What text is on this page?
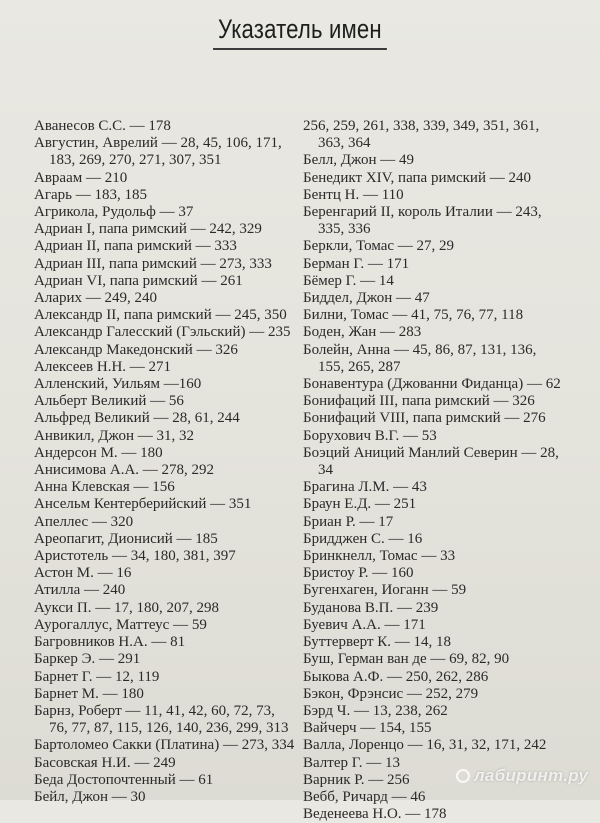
Указатель имен

Аванесов С.С. — 178

Августин, Аврелий — 28, 45, 106, 171, 183, 269, 270, 271, 307, 351

Авраам — 210

Агарь — 183, 185

Агрикола, Рудольф — 37

Адриан I, папа римский — 242, 329

Адриан II, папа римский — 333

Адриан III, папа римский — 273, 333

Адриан VI, папа римский — 261

Аларих — 249, 240

Александр II, папа римский — 245, 350

Александр Галесский (Гэльский) — 235

Александр Македонский — 326

Алексеев Н.Н. — 271

Алленский, Уильям —160

Альберт Великий — 56

Альфред Великий — 28, 61, 244

Анвикил, Джон — 31, 32

Андерсон М. — 180

Анисимова А.А. — 278, 292

Анна Клевская — 156

Ансельм Кентерберийский — 351

Апеллес — 320

Ареопагит, Дионисий — 185

Аристотель — 34, 180, 381, 397

Астон М. — 16

Атилла — 240

Аукси П. — 17, 180, 207, 298

Аурогаллус, Маттеус — 59

Багровников Н.А. — 81

Баркер Э. — 291

Барнет Г. — 12, 119

Барнет М. — 180

Барнз, Роберт — 11, 41, 42, 60, 72, 73, 76, 77, 87, 115, 126, 140, 236, 299, 313

Бартоломео Сакки (Платина) — 273, 334

Басовская Н.И. — 249

Беда Достопочтенный — 61

Бейл, Джон — 30

256, 259, 261, 338, 339, 349, 351, 361, 363, 364

Белл, Джон — 49

Бенедикт XIV, папа римский — 240

Бентц Н. — 110

Беренгарий II, король Италии — 243, 335, 336

Беркли, Томас — 27, 29

Берман Г. — 171

Бёмер Г. — 14

Биддел, Джон — 47

Билни, Томас — 41, 75, 76, 77, 118

Боден, Жан — 283

Болейн, Анна — 45, 86, 87, 131, 136, 155, 265, 287

Бонавентура (Джованни Фиданца) — 62

Бонифаций III, папа римский — 326

Бонифаций VIII, папа римский — 276

Борухович В.Г. — 53

Боэций Аниций Манлий Северин — 28, 34

Брагина Л.М. — 43

Браун Е.Д. — 251

Бриан Р. — 17

Бридджен С. — 16

Бринкнелл, Томас — 33

Бристоу Р. — 160

Бугенхаген, Иоганн — 59

Буданова В.П. — 239

Буевич А.А. — 171

Буттерверт К. — 14, 18

Буш, Герман ван де — 69, 82, 90

Быкова А.Ф. — 250, 262, 286

Бэкон, Фрэнсис — 252, 279

Бэрд Ч. — 13, 238, 262

Вайчерч — 154, 155

Валла, Лоренцо — 16, 31, 32, 171, 242

Валтер Г. — 13

Варник Р. — 256

Вебб, Ричард — 46

Веденеева Н.О. — 178

лабиринт.ру
